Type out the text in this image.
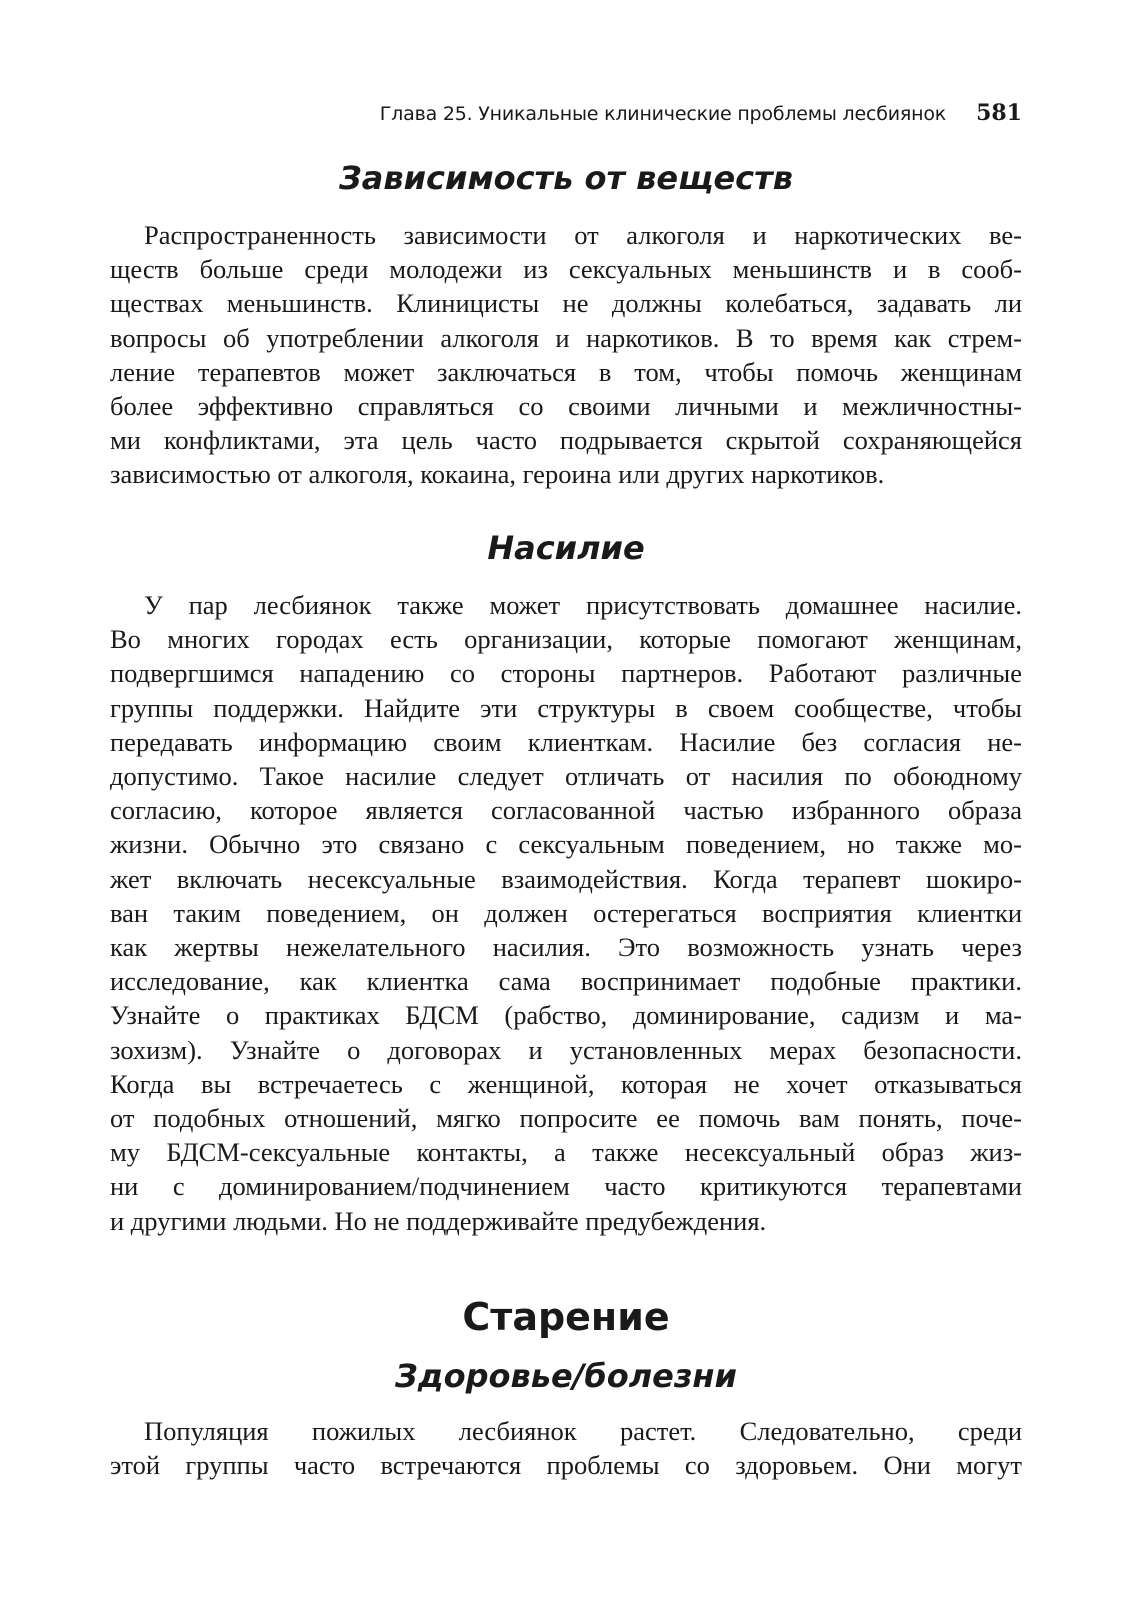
Глава 25. Уникальные клинические проблемы лесбиянок 581
Зависимость от веществ

Распространенность зависимости от алкоголя и наркотических ве-
ществ больше среди молодежи из сексуальных меньшинств и в сооб-
ществах меньшинств. Клиницисты не должны колебаться, задавать ли
вопросы об употреблении алкоголя и наркотиков. В то время как стрем-
ление терапевтов может заключаться в том, чтобы помочь женщинам
более эффективно справляться со своими личными и межличностны-
ми конфликтами, эта цель часто подрывается скрытой сохраняющейся
зависимостью от алкоголя, кокаина, героина или других наркотиков.

Насилие

У пар лесбиянок также может присутствовать домашнее насилие.
Во многих городах есть организации, которые помогают женщинам,
подвергшимся нападению со стороны партнеров. Работают различные
группы поддержки. Найдите эти структуры в своем сообществе, чтобы
передавать информацию своим клиенткам. Насилие без согласия не-
допустимо. Такое насилие следует отличать от насилия по обоюдному
согласию, которое является согласованной частью избранного образа
жизни. Обычно это связано с сексуальным поведением, но также мо-
жет включать несексуальные взаимодействия. Когда терапевт шокиро-
ван таким поведением, он должен остерегаться восприятия клиентки
как жертвы нежелательного насилия. Это возможность узнать через
исследование, как клиентка сама воспринимает подобные практики.
Узнайте о практиках БДСМ (рабство, доминирование, садизм и ма-
зохизм). Узнайте о договорах и установленных мерах безопасности.
Когда вы встречаетесь с женщиной, которая не хочет отказываться
от подобных отношений, мягко попросите ее помочь вам понять, поче-
му БДСМ-сексуальные контакты, а также несексуальный образ жиз-
ни с доминированием/подчинением часто критикуются терапевтами
и другими людьми. Но не поддерживайте предубеждения.

Старение
Здоровье/болезни

Популяция пожилых лесбиянок растет. Следовательно, среди
этой группы часто встречаются проблемы со здоровьем. Они могут
